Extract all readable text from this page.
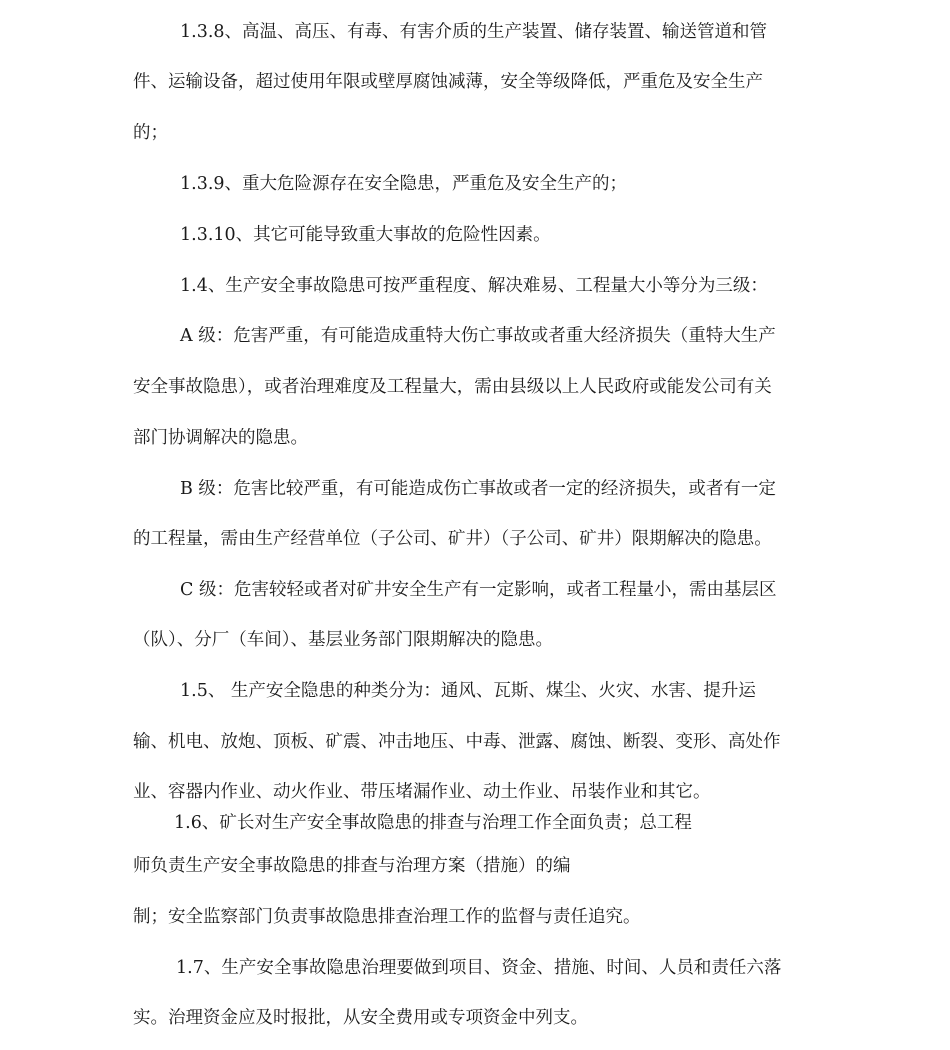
1.3.8、高温、高压、有毒、有害介质的生产装置、储存装置、输送管道和管
件、运输设备，超过使用年限或壁厚腐蚀减薄，安全等级降低，严重危及安全生产
的；
1.3.9、重大危险源存在安全隐患，严重危及安全生产的；
1.3.10、其它可能导致重大事故的危险性因素。
1.4、生产安全事故隐患可按严重程度、解决难易、工程量大小等分为三级：
A 级：危害严重，有可能造成重特大伤亡事故或者重大经济损失（重特大生产
安全事故隐患），或者治理难度及工程量大，需由县级以上人民政府或能发公司有关
部门协调解决的隐患。
B 级：危害比较严重，有可能造成伤亡事故或者一定的经济损失，或者有一定
的工程量，需由生产经营单位（子公司、矿井）（子公司、矿井）限期解决的隐患。
C 级：危害较轻或者对矿井安全生产有一定影响，或者工程量小，需由基层区
（队）、分厂（车间）、基层业务部门限期解决的隐患。
1.5、 生产安全隐患的种类分为：通风、瓦斯、煤尘、火灾、水害、提升运
输、机电、放炮、顶板、矿震、冲击地压、中毒、泄露、腐蚀、断裂、变形、高处作
业、容器内作业、动火作业、带压堵漏作业、动土作业、吊装作业和其它。
1.6、矿长对生产安全事故隐患的排查与治理工作全面负责；总工程
师负责生产安全事故隐患的排查与治理方案（措施）的编
制；安全监察部门负责事故隐患排查治理工作的监督与责任追究。
1.7、生产安全事故隐患治理要做到项目、资金、措施、时间、人员和责任六落
实。治理资金应及时报批，从安全费用或专项资金中列支。
